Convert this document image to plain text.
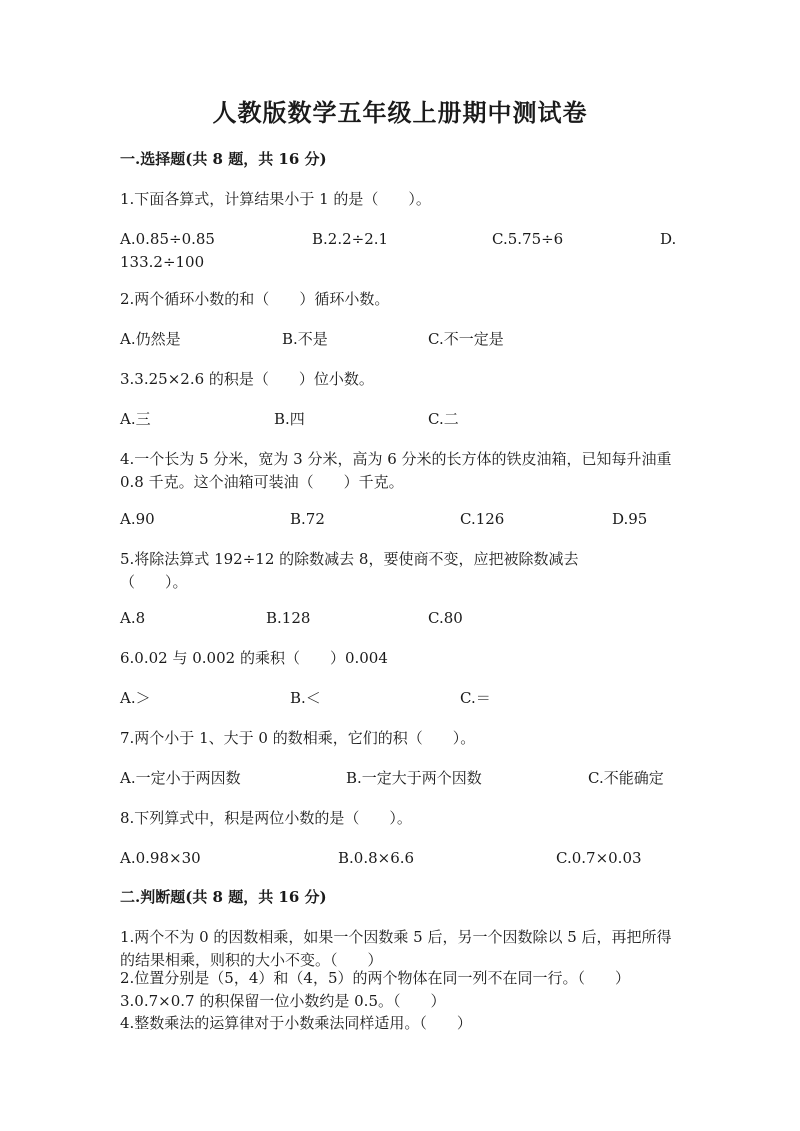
人教版数学五年级上册期中测试卷
一.选择题(共 8 题，共 16 分)
1.下面各算式，计算结果小于 1 的是（　　）。
A.0.85÷0.85	B.2.2÷2.1	C.5.75÷6	D.
133.2÷100
2.两个循环小数的和（　　）循环小数。
A.仍然是	B.不是	C.不一定是
3.3.25×2.6 的积是（　　）位小数。
A.三	B.四	C.二
4.一个长为 5 分米，宽为 3 分米，高为 6 分米的长方体的铁皮油箱，已知每升油重 0.8 千克。这个油箱可装油（　　）千克。
A.90	B.72	C.126	D.95
5.将除法算式 192÷12 的除数减去 8，要使商不变，应把被除数减去（　　）。
A.8	B.128	C.80
6.0.02 与 0.002 的乘积（　　）0.004
A.＞	B.＜	C.＝
7.两个小于 1、大于 0 的数相乘，它们的积（　　）。
A.一定小于两因数	B.一定大于两个因数	C.不能确定
8.下列算式中，积是两位小数的是（　　）。
A.0.98×30	B.0.8×6.6	C.0.7×0.03
二.判断题(共 8 题，共 16 分)
1.两个不为 0 的因数相乘，如果一个因数乘 5 后，另一个因数除以 5 后，再把所得的结果相乘，则积的大小不变。（　　）
2.位置分别是（5，4）和（4，5）的两个物体在同一列不在同一行。（　　）
3.0.7×0.7 的积保留一位小数约是 0.5。（　　）
4.整数乘法的运算律对于小数乘法同样适用。（　　）
